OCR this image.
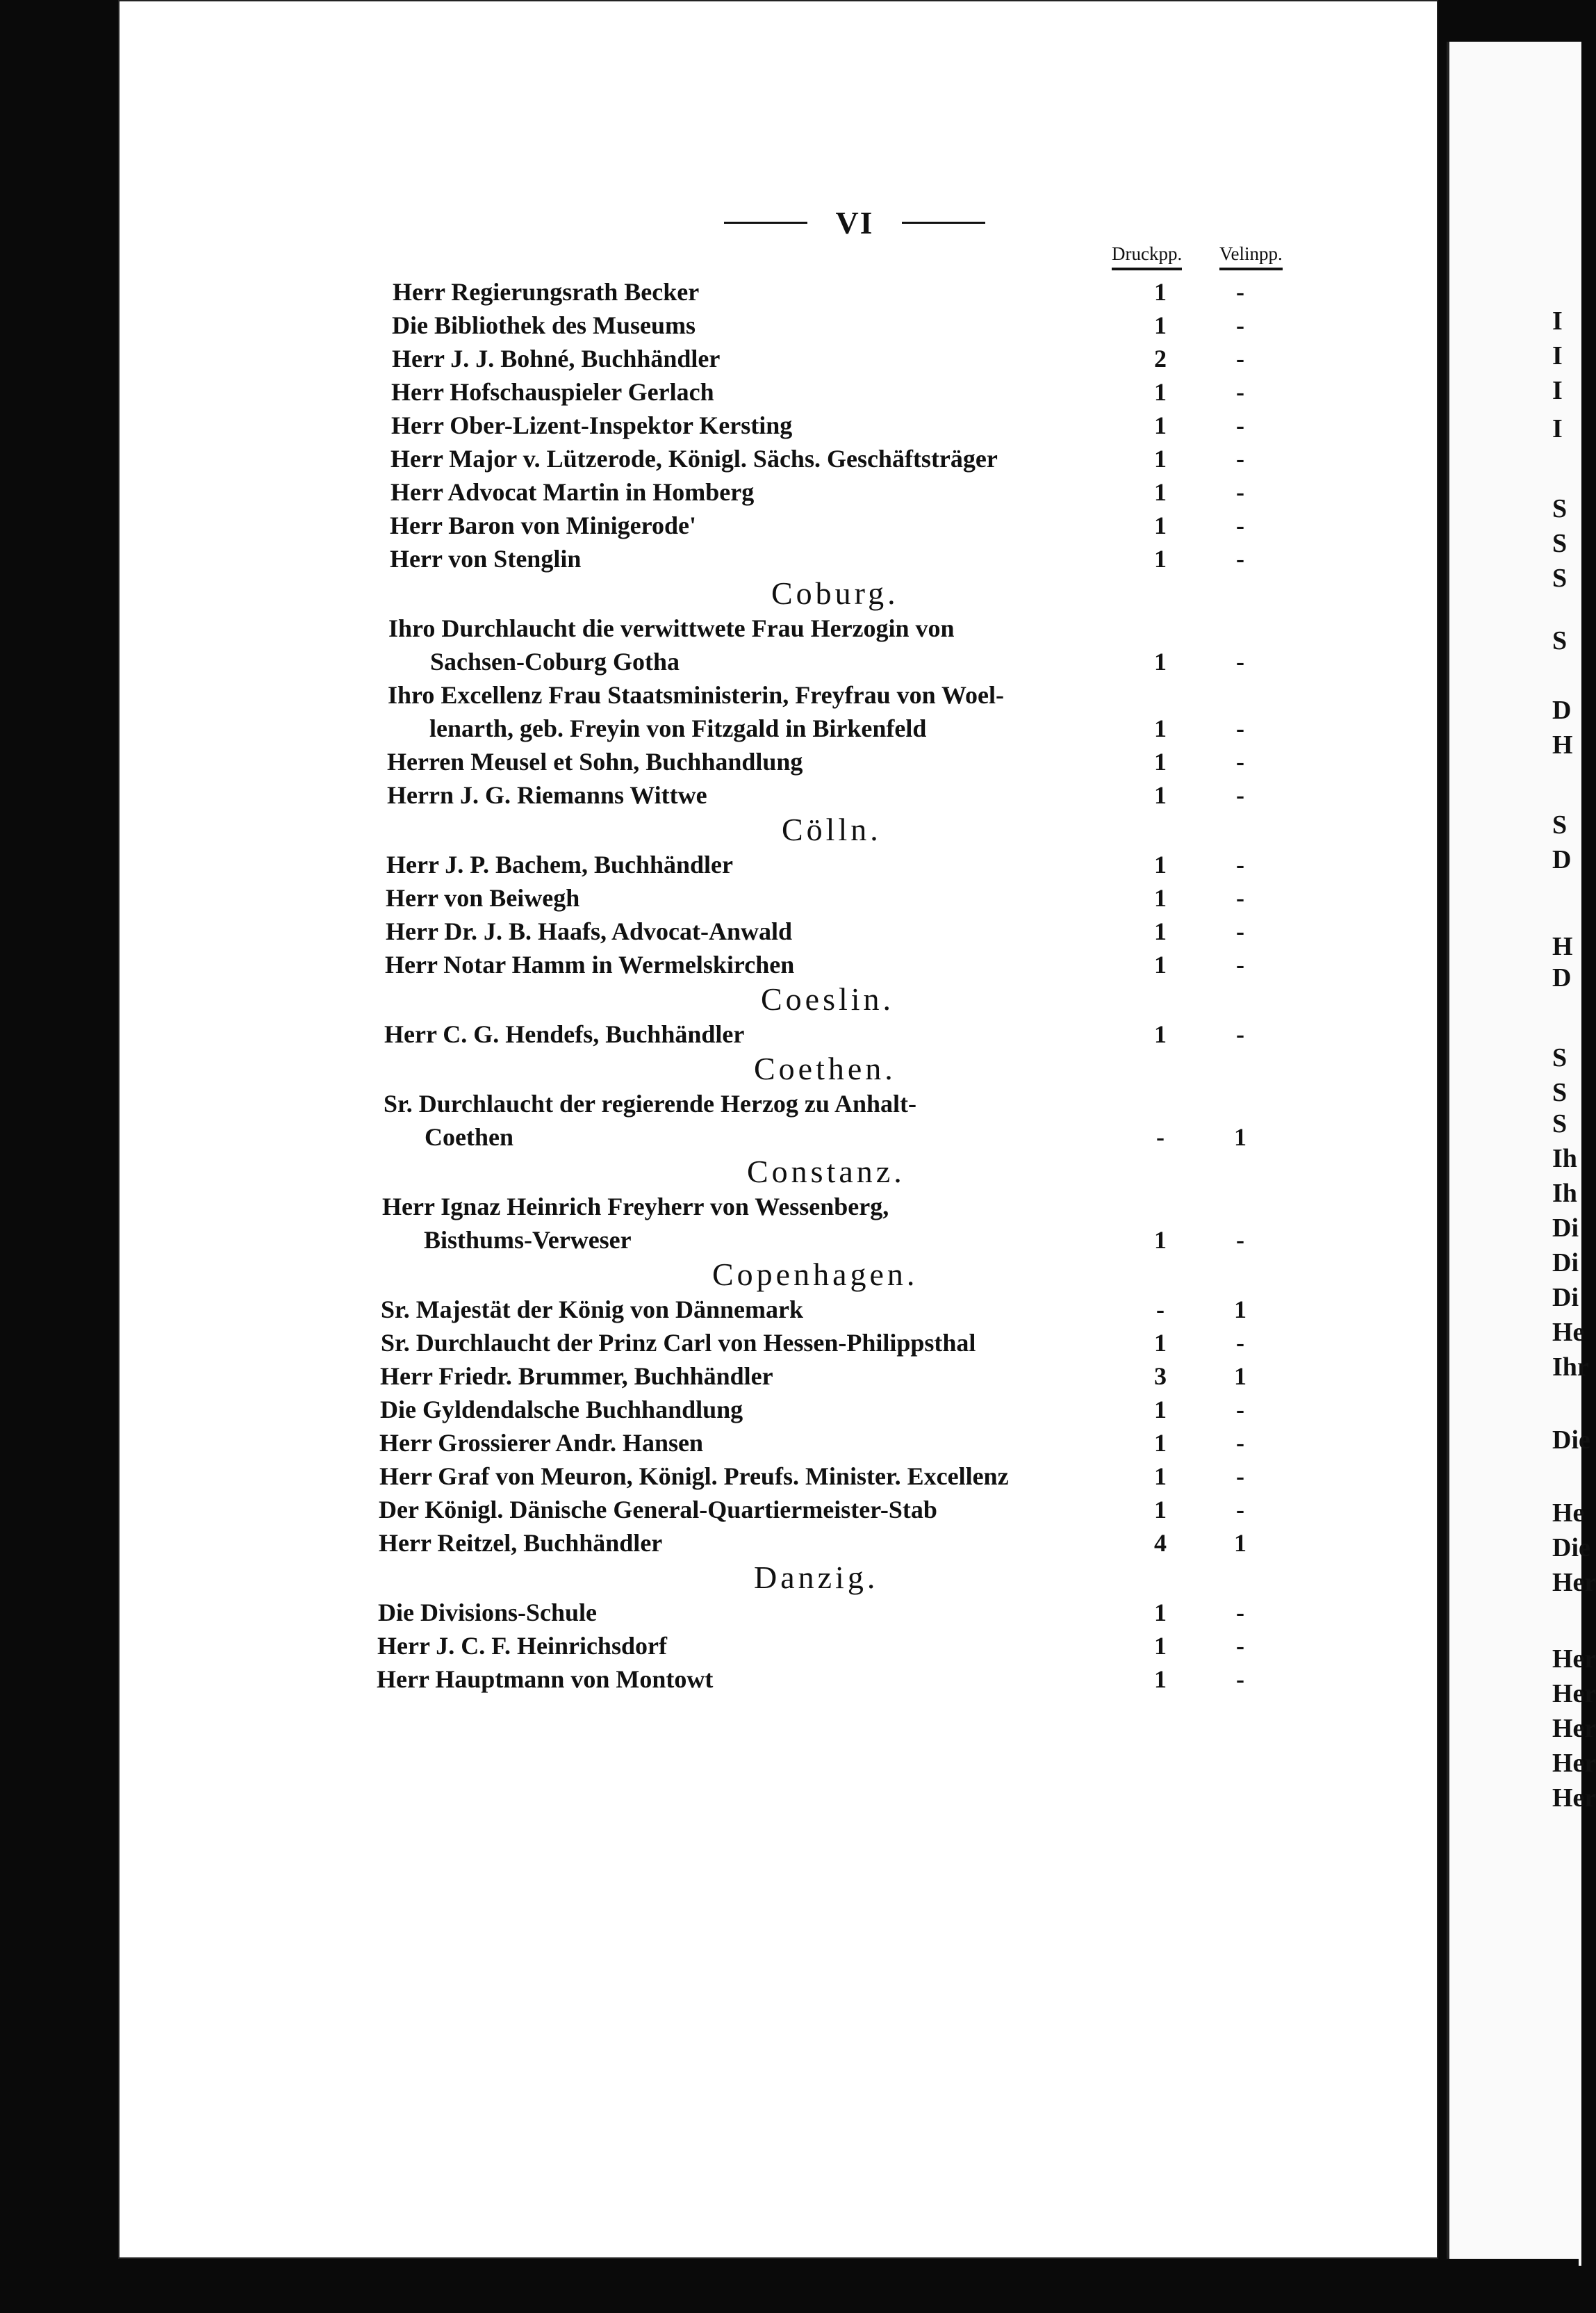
I
I
I
I
S
S
S
S
D
H
S
D
H
D
S
S
S
Ih
Ih
Di
Di
Di
He
Ihr
Die
He
Die
Her
Her
Her
Her
Her
Her
VI
Druckpp. Velinpp.
Herr Regierungsrath Becker	1	-
Die Bibliothek des Museums	1	-
Herr J. J. Bohné, Buchhändler	2	-
Herr Hofschauspieler Gerlach	1	-
Herr Ober-Lizent-Inspektor Kersting	1	-
Herr Major v. Lützerode, Königl. Sächs. Geschäftsträger	1	-
Herr Advocat Martin in Homberg	1	-
Herr Baron von Minigerode'	1	-
Herr von Stenglin	1	-
Coburg.
Ihro Durchlaucht die verwittwete Frau Herzogin von
Sachsen-Coburg Gotha	1	-
Ihro Excellenz Frau Staatsministerin, Freyfrau von Woel-
lenarth, geb. Freyin von Fitzgald in Birkenfeld	1	-
Herren Meusel et Sohn, Buchhandlung	1	-
Herrn J. G. Riemanns Wittwe	1	-
Cölln.
Herr J. P. Bachem, Buchhändler	1	-
Herr von Beiwegh	1	-
Herr Dr. J. B. Haafs, Advocat-Anwald	1	-
Herr Notar Hamm in Wermelskirchen	1	-
Coeslin.
Herr C. G. Hendefs, Buchhändler	1	-
Coethen.
Sr. Durchlaucht der regierende Herzog zu Anhalt-
Coethen	-	1
Constanz.
Herr Ignaz Heinrich Freyherr von Wessenberg,
Bisthums-Verweser	1	-
Copenhagen.
Sr. Majestät der König von Dännemark	-	1
Sr. Durchlaucht der Prinz Carl von Hessen-Philippsthal	1	-
Herr Friedr. Brummer, Buchhändler	3	1
Die Gyldendalsche Buchhandlung	1	-
Herr Grossierer Andr. Hansen	1	-
Herr Graf von Meuron, Königl. Preufs. Minister. Excellenz	1	-
Der Königl. Dänische General-Quartiermeister-Stab	1	-
Herr Reitzel, Buchhändler	4	1
Danzig.
Die Divisions-Schule	1	-
Herr J. C. F. Heinrichsdorf	1	-
Herr Hauptmann von Montowt	1	-
